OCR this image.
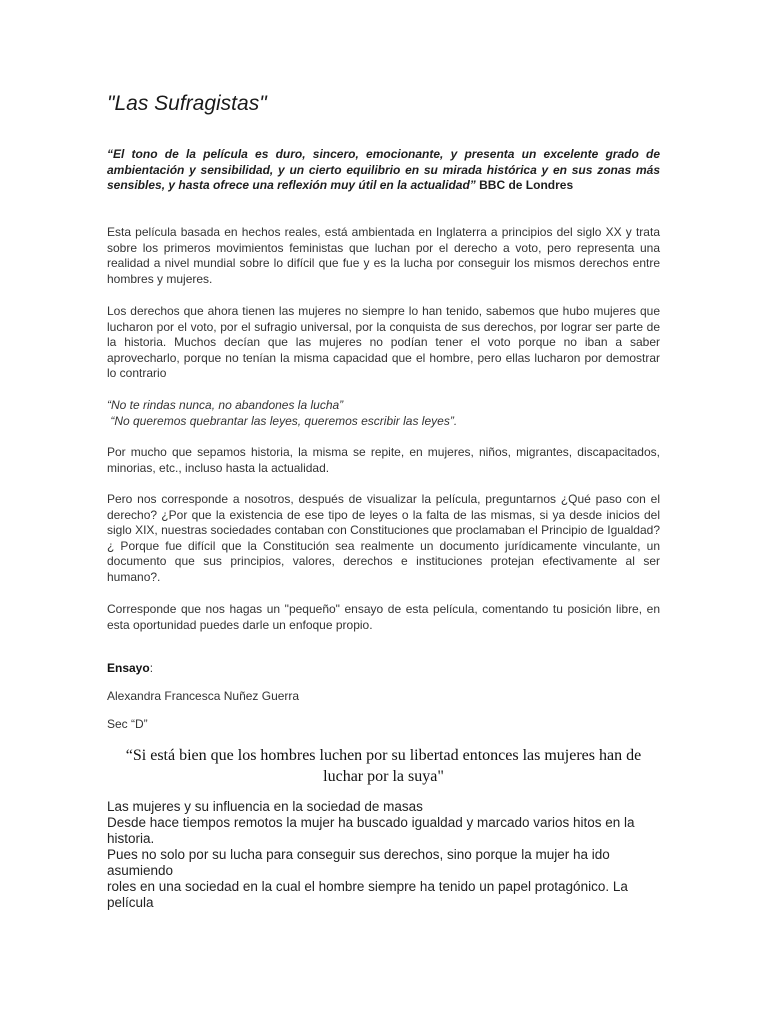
"Las Sufragistas"

“El tono de la película es duro, sincero, emocionante, y presenta un excelente grado de ambientación y sensibilidad, y un cierto equilibrio en su mirada histórica y en sus zonas más sensibles, y hasta ofrece una reflexión muy útil en la actualidad” BBC de Londres

Esta película basada en hechos reales, está ambientada en Inglaterra a principios del siglo XX y trata sobre los primeros movimientos feministas que luchan por el derecho a voto, pero representa una realidad a nivel mundial sobre lo difícil que fue y es la lucha por conseguir los mismos derechos entre hombres y mujeres.

Los derechos que ahora tienen las mujeres no siempre lo han tenido, sabemos que hubo mujeres que lucharon por el voto, por el sufragio universal, por la conquista de sus derechos, por lograr ser parte de la historia. Muchos decían que las mujeres no podían tener el voto porque no iban a saber aprovecharlo, porque no tenían la misma capacidad que el hombre, pero ellas lucharon por demostrar lo contrario

“No te rindas nunca, no abandones la lucha”
“No queremos quebrantar las leyes, queremos escribir las leyes”.

Por mucho que sepamos historia, la misma se repite, en mujeres, niños, migrantes, discapacitados, minorias, etc., incluso hasta la actualidad.

Pero nos corresponde a nosotros, después de visualizar la película, preguntarnos ¿Qué paso con el derecho? ¿Por que la existencia de ese tipo de leyes o la falta de las mismas, si ya desde inicios del siglo XIX, nuestras sociedades contaban con Constituciones que proclamaban el Principio de Igualdad? ¿ Porque fue difícil que la Constitución sea realmente un documento jurídicamente vinculante, un documento que sus principios, valores, derechos e instituciones protejan efectivamente al ser humano?.

Corresponde que nos hagas un "pequeño" ensayo de esta película, comentando tu posición libre, en esta oportunidad puedes darle un enfoque propio.

Ensayo:

Alexandra Francesca Nuñez Guerra

Sec “D”

“Si está bien que los hombres luchen por su libertad entonces las mujeres han de luchar por la suya"

Las mujeres y su influencia en la sociedad de masas
Desde hace tiempos remotos la mujer ha buscado igualdad y marcado varios hitos en la historia.
Pues no solo por su lucha para conseguir sus derechos, sino porque la mujer ha ido asumiendo
roles en una sociedad en la cual el hombre siempre ha tenido un papel protagónico. La película
